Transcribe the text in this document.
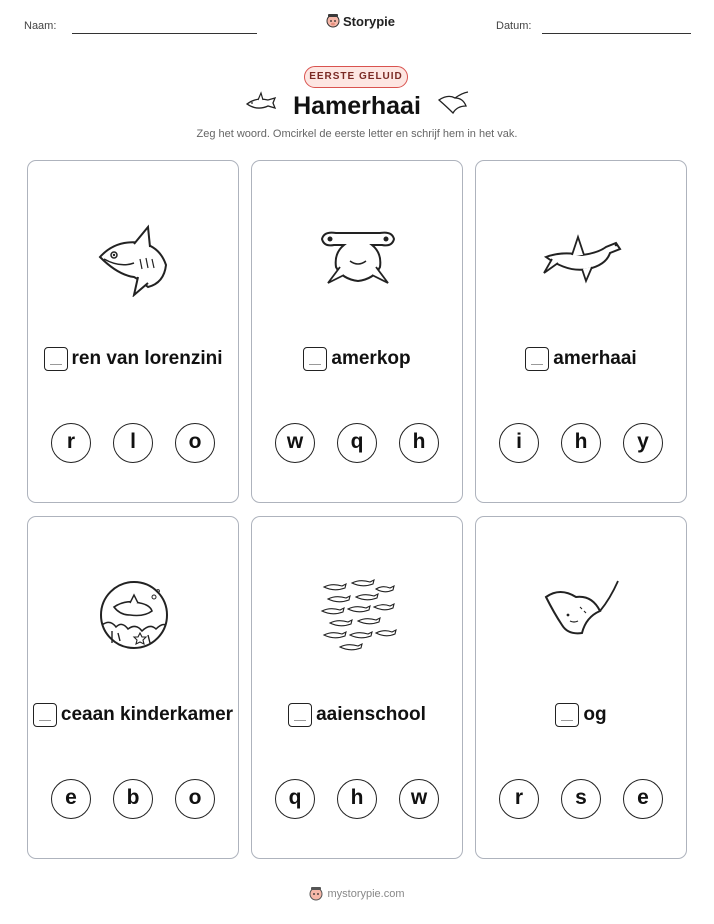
Naam:	Storypie	Datum:
EERSTE GELUID
Hamerhaai
Zeg het woord. Omcirkel de eerste letter en schrijf hem in het vak.
ren van lorenzini
r	l	o
amerkop
w	q	h
amerhaai
i	h	y
ceaan kinderkamer
e	b	o
aaienschool
q	h	w
og
r	s	e
mystorypie.com
